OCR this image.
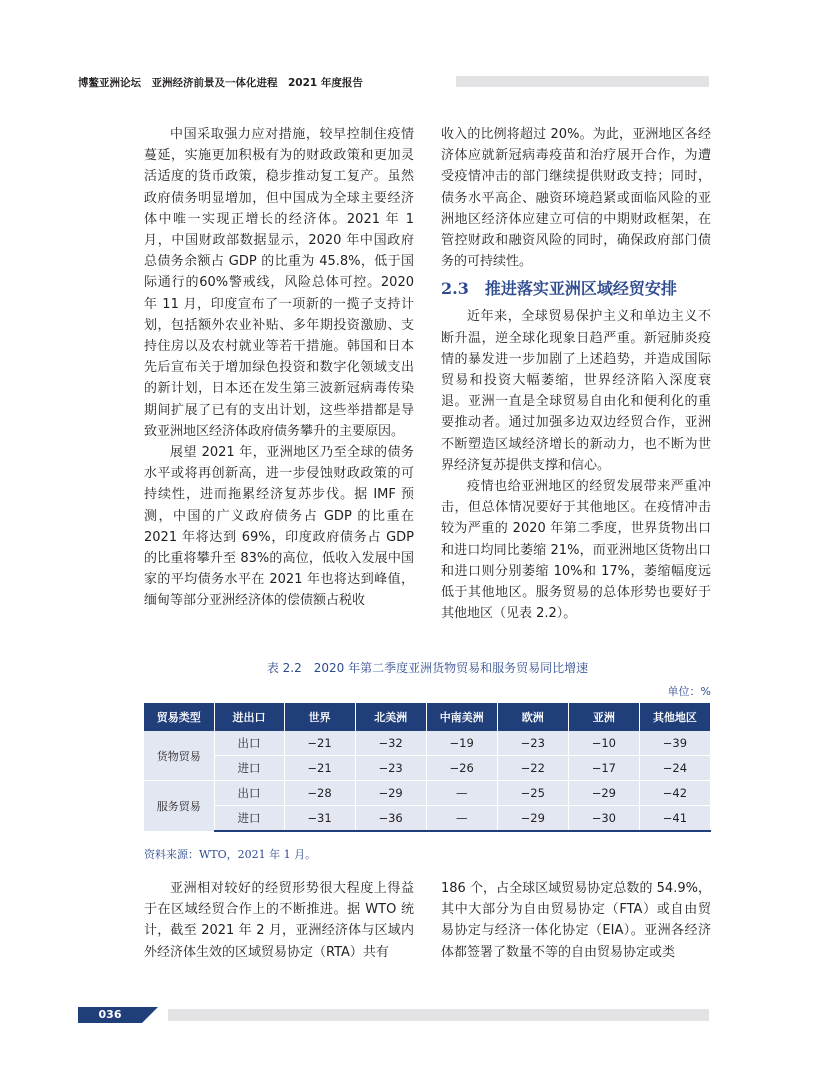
博鳌亚洲论坛　亚洲经济前景及一体化进程　2021 年度报告

中国采取强力应对措施，较早控制住疫情蔓延，实施更加积极有为的财政政策和更加灵活适度的货币政策，稳步推动复工复产。虽然政府债务明显增加，但中国成为全球主要经济体中唯一实现正增长的经济体。2021 年 1 月，中国财政部数据显示，2020 年中国政府总债务余额占 GDP 的比重为 45.8%，低于国际通行的60%警戒线，风险总体可控。2020 年 11 月，印度宣布了一项新的一揽子支持计划，包括额外农业补贴、多年期投资激励、支持住房以及农村就业等若干措施。韩国和日本先后宣布关于增加绿色投资和数字化领域支出的新计划，日本还在发生第三波新冠病毒传染期间扩展了已有的支出计划，这些举措都是导致亚洲地区经济体政府债务攀升的主要原因。

展望 2021 年，亚洲地区乃至全球的债务水平或将再创新高，进一步侵蚀财政政策的可持续性，进而拖累经济复苏步伐。据 IMF 预测，中国的广义政府债务占 GDP 的比重在 2021 年将达到 69%，印度政府债务占 GDP 的比重将攀升至 83%的高位，低收入发展中国家的平均债务水平在 2021 年也将达到峰值，缅甸等部分亚洲经济体的偿债额占税收

收入的比例将超过 20%。为此，亚洲地区各经济体应就新冠病毒疫苗和治疗展开合作，为遭受疫情冲击的部门继续提供财政支持；同时，债务水平高企、融资环境趋紧或面临风险的亚洲地区经济体应建立可信的中期财政框架，在管控财政和融资风险的同时，确保政府部门债务的可持续性。

2.3　推进落实亚洲区域经贸安排

近年来，全球贸易保护主义和单边主义不断升温，逆全球化现象日趋严重。新冠肺炎疫情的暴发进一步加剧了上述趋势，并造成国际贸易和投资大幅萎缩，世界经济陷入深度衰退。亚洲一直是全球贸易自由化和便利化的重要推动者。通过加强多边双边经贸合作，亚洲不断塑造区域经济增长的新动力，也不断为世界经济复苏提供支撑和信心。

疫情也给亚洲地区的经贸发展带来严重冲击，但总体情况要好于其他地区。在疫情冲击较为严重的 2020 年第二季度，世界货物出口和进口均同比萎缩 21%，而亚洲地区货物出口和进口则分别萎缩 10%和 17%，萎缩幅度远低于其他地区。服务贸易的总体形势也要好于其他地区（见表 2.2）。

表 2.2　2020 年第二季度亚洲货物贸易和服务贸易同比增速
单位：%
贸易类型	进出口	世界	北美洲	中南美洲	欧洲	亚洲	其他地区
货物贸易	出口	−21	−32	−19	−23	−10	−39
	进口	−21	−23	−26	−22	−17	−24
服务贸易	出口	−28	−29	—	−25	−29	−42
	进口	−31	−36	—	−29	−30	−41
资料来源：WTO，2021 年 1 月。

亚洲相对较好的经贸形势很大程度上得益于在区域经贸合作上的不断推进。据 WTO 统计，截至 2021 年 2 月，亚洲经济体与区域内外经济体生效的区域贸易协定（RTA）共有

186 个，占全球区域贸易协定总数的 54.9%，其中大部分为自由贸易协定（FTA）或自由贸易协定与经济一体化协定（EIA）。亚洲各经济体都签署了数量不等的自由贸易协定或类

036
